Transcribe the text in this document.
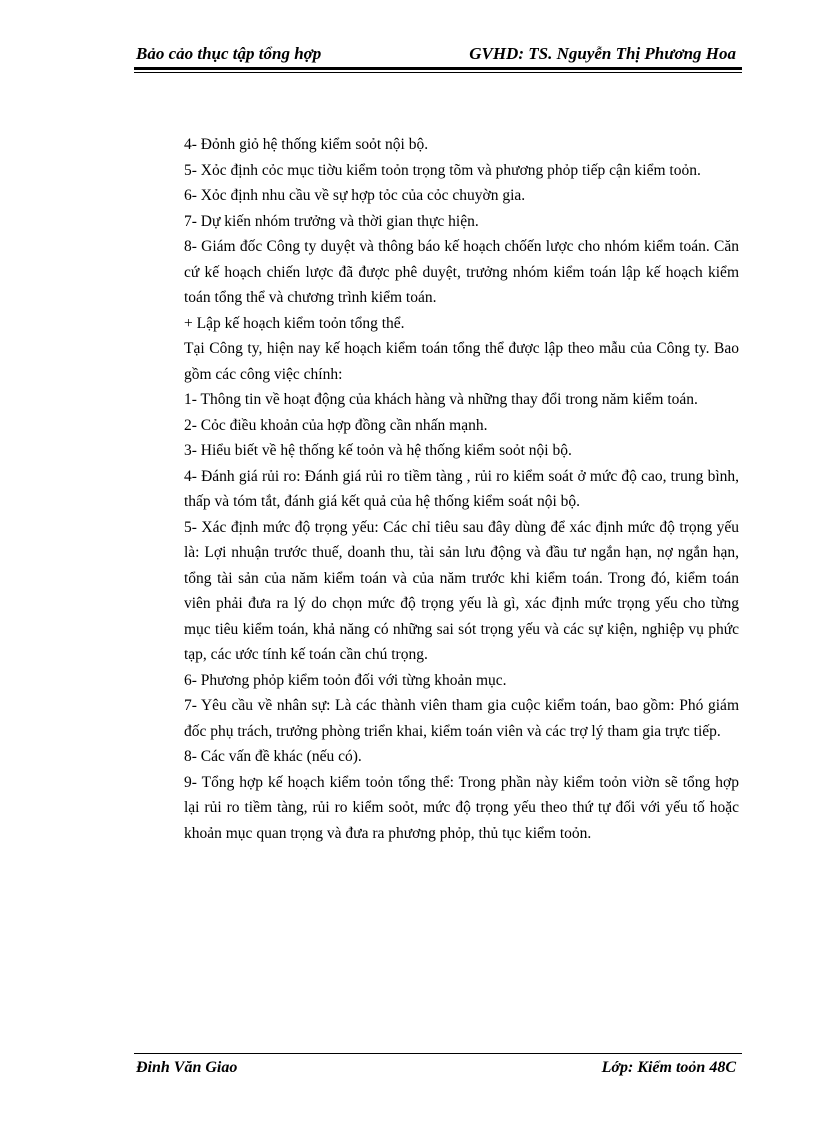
Bảo cảo thục tập tổng hợp	GVHD: TS. Nguyễn Thị Phương Hoa

4- Đỏnh giỏ hệ thống kiểm soỏt nội bộ.

5- Xỏc định cỏc mục tiờu kiểm toỏn trọng tõm và phương phỏp tiếp cận kiểm toỏn.

6- Xỏc định nhu cầu về sự hợp tỏc của cỏc chuyờn gia.

7- Dự kiến nhóm trưởng và thời gian thực hiện.

8- Giám đốc Công ty duyệt và thông báo kế hoạch chốến lược cho nhóm kiểm toán. Căn cứ kế hoạch chiến lược đã được phê duyệt, trưởng nhóm kiểm toán lập kế hoạch kiểm toán tổng thể và chương trình kiểm toán.

+ Lập kế hoạch kiểm toỏn tổng thể.

Tại Công ty, hiện nay kế hoạch kiểm toán tổng thể được lập theo mẫu của Công ty. Bao gồm các công việc chính:

1- Thông tin về hoạt động của khách hàng và những thay đổi trong năm kiểm toán.

2- Cỏc điều khoản của hợp đồng cần nhấn mạnh.

3- Hiểu biết về hệ thống kế toỏn và hệ thống kiểm soỏt nội bộ.

4- Đánh giá rủi ro: Đánh giá rủi ro tiềm tàng , rủi ro kiểm soát ở mức độ cao, trung bình, thấp và tóm tắt, đánh giá kết quả của hệ thống kiểm soát nội bộ.

5- Xác định mức độ trọng yếu: Các chỉ tiêu sau đây dùng để xác định mức độ trọng yếu là: Lợi nhuận trước thuế, doanh thu, tài sản lưu động và đầu tư ngắn hạn, nợ ngắn hạn, tổng tài sản của năm kiểm toán và của năm trước khi kiểm toán. Trong đó, kiểm toán viên phải đưa ra lý do chọn mức độ trọng yếu là gì, xác định mức trọng yếu cho từng mục tiêu kiểm toán, khả năng có những sai sót trọng yếu và các sự kiện, nghiệp vụ phức tạp, các ước tính kế toán cần chú trọng.

6- Phương phỏp kiểm toỏn đối với từng khoản mục.

7- Yêu cầu về nhân sự: Là các thành viên tham gia cuộc kiểm toán, bao gồm: Phó giám đốc phụ trách, trưởng phòng triển khai, kiểm toán viên và các trợ lý tham gia trực tiếp.

8- Các vấn đề khác (nếu có).

9- Tổng hợp kế hoạch kiểm toỏn tổng thể: Trong phần này kiểm toỏn viờn sẽ tổng hợp lại rủi ro tiềm tàng, rủi ro kiểm soỏt, mức độ trọng yếu theo thứ tự đối với yếu tố hoặc khoản mục quan trọng và đưa ra phương phỏp, thủ tục kiểm toỏn.

Đinh Văn Giao	Lớp: Kiểm toỏn 48C
